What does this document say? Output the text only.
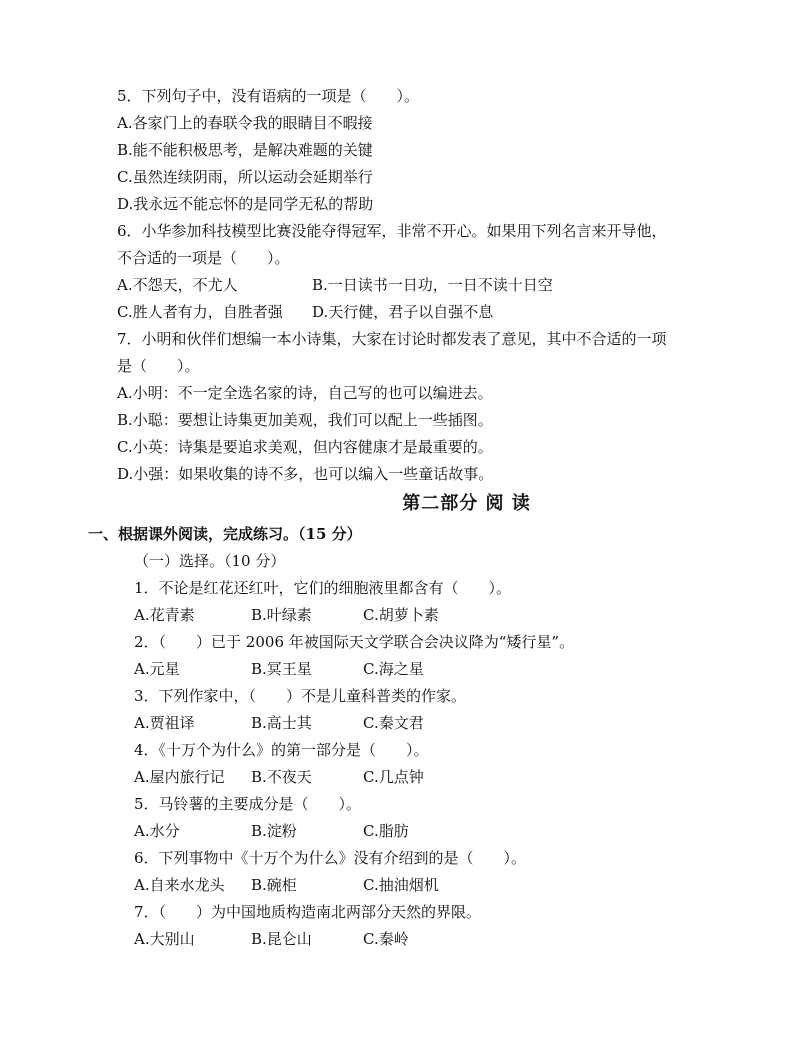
5．下列句子中，没有语病的一项是（　　）。
A.各家门上的春联令我的眼睛目不暇接
B.能不能积极思考，是解决难题的关键
C.虽然连续阴雨，所以运动会延期举行
D.我永远不能忘怀的是同学无私的帮助
6．小华参加科技模型比赛没能夺得冠军，非常不开心。如果用下列名言来开导他，
不合适的一项是（　　）。
A.不怨天，不尤人	B.一日读书一日功，一日不读十日空
C.胜人者有力，自胜者强 D.天行健，君子以自强不息
7．小明和伙伴们想编一本小诗集，大家在讨论时都发表了意见，其中不合适的一项
是（　　）。
A.小明：不一定全选名家的诗，自己写的也可以编进去。
B.小聪：要想让诗集更加美观，我们可以配上一些插图。
C.小英：诗集是要追求美观，但内容健康才是最重要的。
D.小强：如果收集的诗不多，也可以编入一些童话故事。
第二部分 阅 读
一、根据课外阅读，完成练习。（15 分）
（一）选择。（10 分）
1．不论是红花还红叶，它们的细胞液里都含有（　　）。
A.花青素	B.叶绿素	C.胡萝卜素
2．（　　）已于 2006 年被国际天文学联合会决议降为“矮行星”。
A.元星	B.冥王星	C.海之星
3．下列作家中，（　　）不是儿童科普类的作家。
A.贾祖译	B.高士其	C.秦文君
4．《十万个为什么》的第一部分是（　　）。
A.屋内旅行记 B.不夜天	C.几点钟
5．马铃薯的主要成分是（　　）。
A.水分	B.淀粉	C.脂肪
6．下列事物中《十万个为什么》没有介绍到的是（　　）。
A.自来水龙头 B.碗柜	C.抽油烟机
7．（　　）为中国地质构造南北两部分天然的界限。
A.大别山	B.昆仑山	C.秦岭
